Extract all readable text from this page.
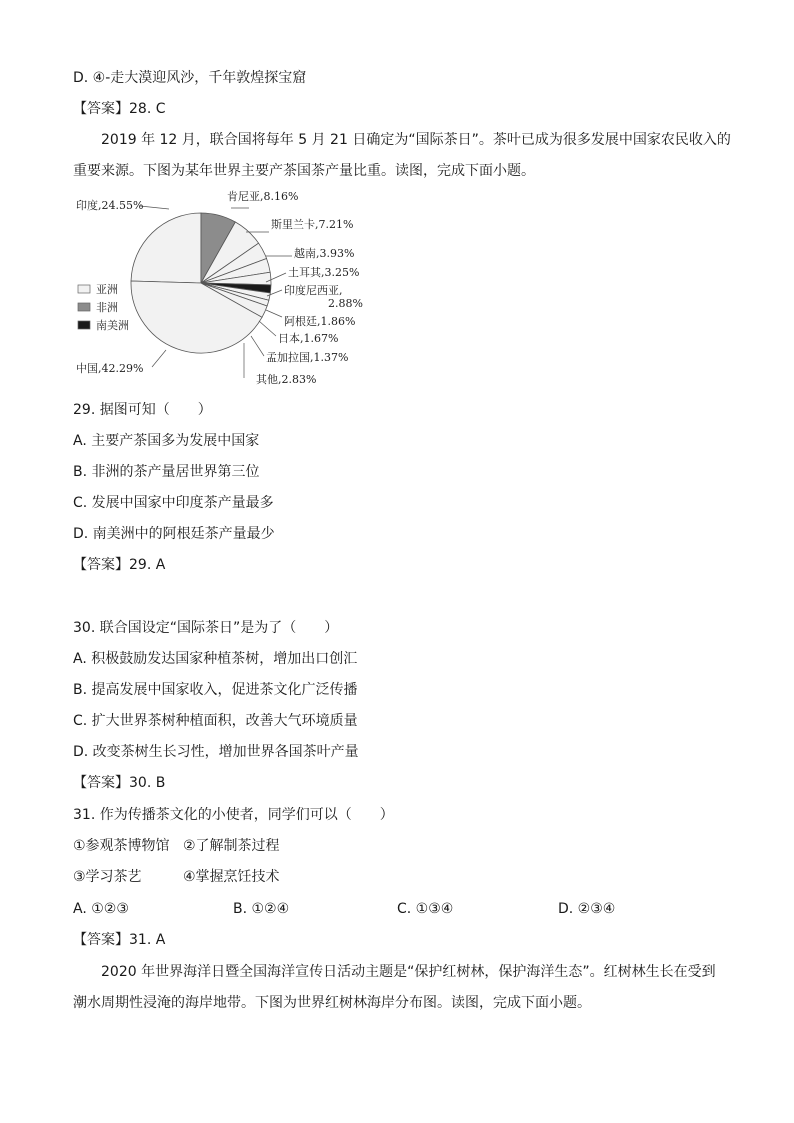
D. ④-走大漠迎风沙，千年敦煌探宝窟
【答案】28. C
2019 年 12 月，联合国将每年 5 月 21 日确定为“国际茶日”。茶叶已成为很多发展中国家农民收入的
重要来源。下图为某年世界主要产茶国茶产量比重。读图，完成下面小题。
印度,24.55%
肯尼亚,8.16%
斯里兰卡,7.21%
越南,3.93%
土耳其,3.25%
印度尼西亚,
2.88%
阿根廷,1.86%
日本,1.67%
孟加拉国,1.37%
其他,2.83%
中国,42.29%
亚洲
非洲
南美洲
29. 据图可知（　　）
A. 主要产茶国多为发展中国家
B. 非洲的茶产量居世界第三位
C. 发展中国家中印度茶产量最多
D. 南美洲中的阿根廷茶产量最少
【答案】29. A
30. 联合国设定“国际茶日”是为了（　　）
A. 积极鼓励发达国家种植茶树，增加出口创汇
B. 提高发展中国家收入，促进茶文化广泛传播
C. 扩大世界茶树种植面积，改善大气环境质量
D. 改变茶树生长习性，增加世界各国茶叶产量
【答案】30. B
31. 作为传播茶文化的小使者，同学们可以（　　）
①参观茶博物馆 ②了解制茶过程
③学习茶艺	④掌握烹饪技术
A. ①②③	B. ①②④	C. ①③④	D. ②③④
【答案】31. A
2020 年世界海洋日暨全国海洋宣传日活动主题是“保护红树林，保护海洋生态”。红树林生长在受到
潮水周期性浸淹的海岸地带。下图为世界红树林海岸分布图。读图，完成下面小题。
